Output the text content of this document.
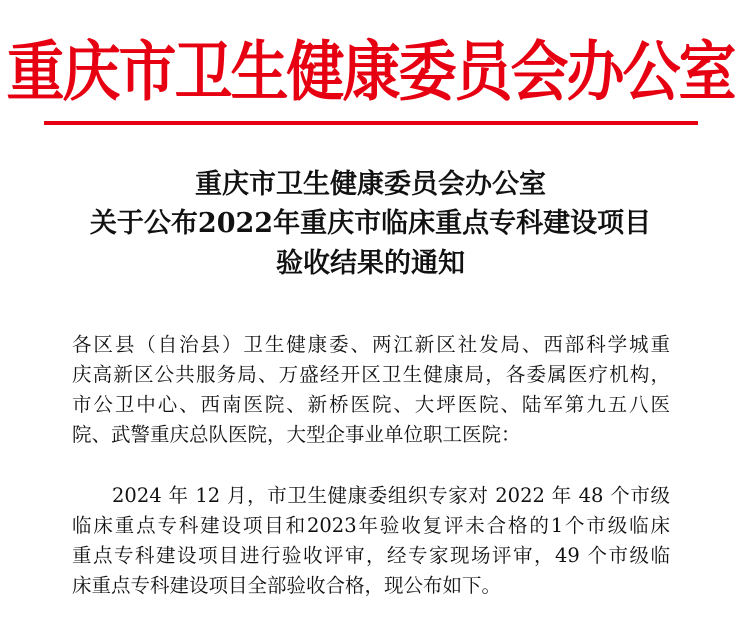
重庆市卫生健康委员会办公室
重庆市卫生健康委员会办公室
关于公布2022年重庆市临床重点专科建设项目
验收结果的通知
各区县（自治县）卫生健康委、两江新区社发局、西部科学城重
庆高新区公共服务局、万盛经开区卫生健康局，各委属医疗机构，
市公卫中心、西南医院、新桥医院、大坪医院、陆军第九五八医
院、武警重庆总队医院，大型企事业单位职工医院：
2024 年 12 月，市卫生健康委组织专家对 2022 年 48 个市级
临床重点专科建设项目和2023年验收复评未合格的1个市级临床
重点专科建设项目进行验收评审，经专家现场评审，49 个市级临
床重点专科建设项目全部验收合格，现公布如下。
